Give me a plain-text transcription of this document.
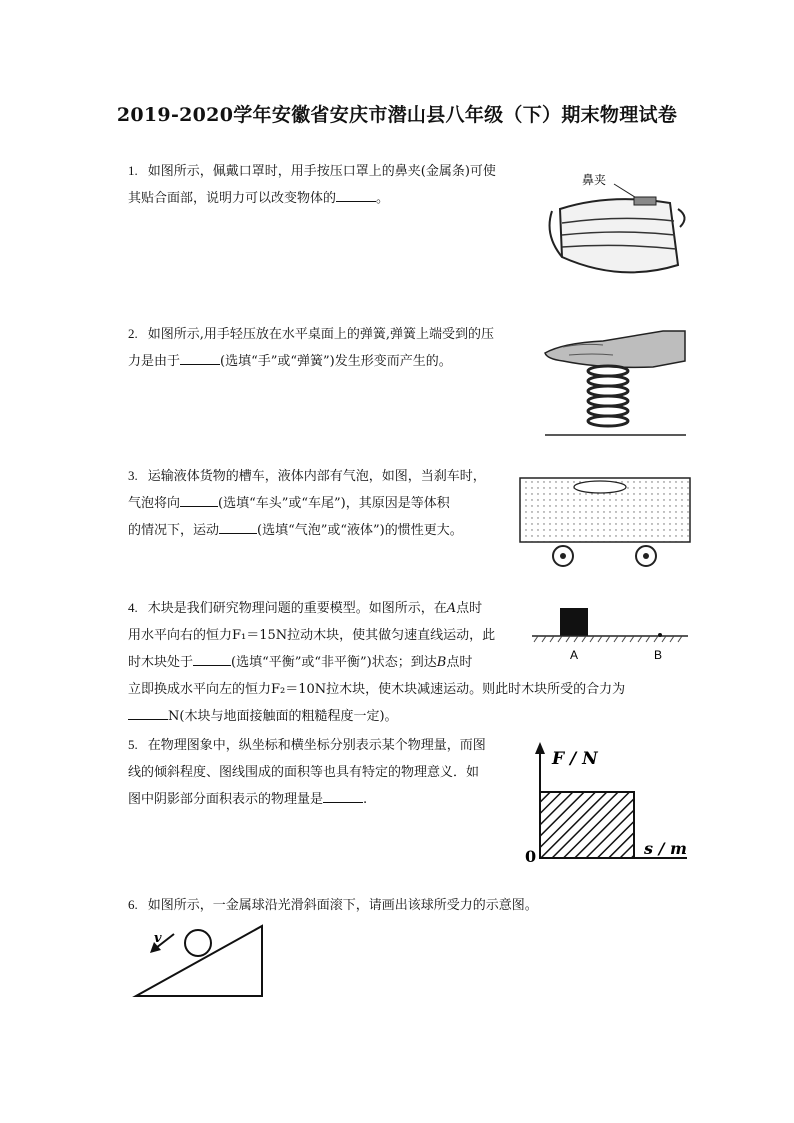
2019-2020学年安徽省安庆市潜山县八年级（下）期末物理试卷
1. 如图所示，佩戴口罩时，用手按压口罩上的鼻夹(金属条)可使
其贴合面部，说明力可以改变物体的	。
鼻夹
2. 如图所示,用手轻压放在水平桌面上的弹簧,弹簧上端受到的压
力是由于	(选填“手”或“弹簧”)发生形变而产生的。
3. 运输液体货物的槽车，液体内部有气泡，如图，当刹车时，
气泡将向	(选填“车头”或“车尾”)，其原因是等体积
的情况下，运动	(选填“气泡”或“液体”)的惯性更大。
4. 木块是我们研究物理问题的重要模型。如图所示，在A点时
用水平向右的恒力F₁＝15N拉动木块，使其做匀速直线运动，此
时木块处于	(选填“平衡”或“非平衡”)状态；到达B点时
立即换成水平向左的恒力F₂＝10N拉木块，使木块减速运动。则此时木块所受的合力为
N(木块与地面接触面的粗糙程度一定)。
A	B
5. 在物理图象中，纵坐标和横坐标分别表示某个物理量，而图
线的倾斜程度、图线围成的面积等也具有特定的物理意义．如
图中阴影部分面积表示的物理量是	.
F / N
s / m
0
6. 如图所示，一金属球沿光滑斜面滚下，请画出该球所受力的示意图。
v
